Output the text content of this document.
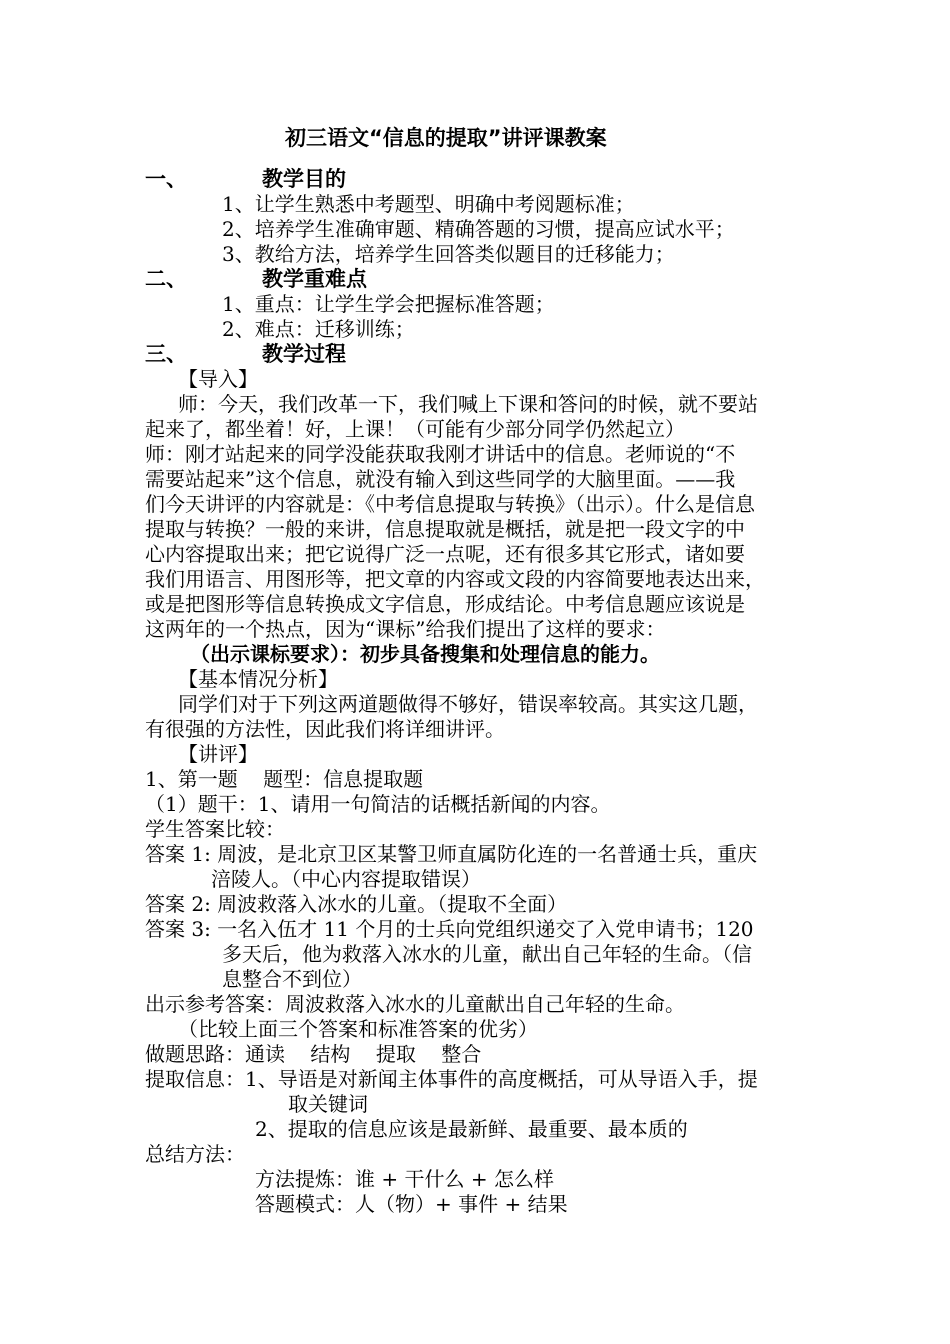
初三语文“信息的提取”讲评课教案
一、	教学目的
1、让学生熟悉中考题型、明确中考阅题标准；
2、培养学生准确审题、精确答题的习惯，提高应试水平；
3、教给方法，培养学生回答类似题目的迁移能力；
二、	教学重难点
1、重点：让学生学会把握标准答题；
2、难点：迁移训练；
三、	教学过程
【导入】
师：今天，我们改革一下，我们喊上下课和答问的时候，就不要站
起来了，都坐着！好，上课！（可能有少部分同学仍然起立）
师：刚才站起来的同学没能获取我刚才讲话中的信息。老师说的“不
需要站起来”这个信息，就没有输入到这些同学的大脑里面。——我
们今天讲评的内容就是：《中考信息提取与转换》（出示）。什么是信息
提取与转换？一般的来讲，信息提取就是概括，就是把一段文字的中
心内容提取出来；把它说得广泛一点呢，还有很多其它形式，诸如要
我们用语言、用图形等，把文章的内容或文段的内容简要地表达出来，
或是把图形等信息转换成文字信息，形成结论。中考信息题应该说是
这两年的一个热点，因为“课标”给我们提出了这样的要求：
（出示课标要求）：初步具备搜集和处理信息的能力。
【基本情况分析】
同学们对于下列这两道题做得不够好，错误率较高。其实这几题，
有很强的方法性，因此我们将详细讲评。
【讲评】
1、第一题    题型：信息提取题
（1）题干：1、请用一句简洁的话概括新闻的内容。
学生答案比较：
答案 1: 周波，是北京卫区某警卫师直属防化连的一名普通士兵，重庆
涪陵人。（中心内容提取错误）
答案 2: 周波救落入冰水的儿童。（提取不全面）
答案 3: 一名入伍才 11 个月的士兵向党组织递交了入党申请书；120
多天后，他为救落入冰水的儿童，献出自己年轻的生命。（信
息整合不到位）
出示参考答案：周波救落入冰水的儿童献出自己年轻的生命。
（比较上面三个答案和标准答案的优劣）
做题思路：通读    结构    提取    整合
提取信息：1、导语是对新闻主体事件的高度概括，可从导语入手，提
取关键词
2、提取的信息应该是最新鲜、最重要、最本质的
总结方法：
方法提炼：谁 + 干什么 + 怎么样
答题模式：人（物）+ 事件 + 结果
